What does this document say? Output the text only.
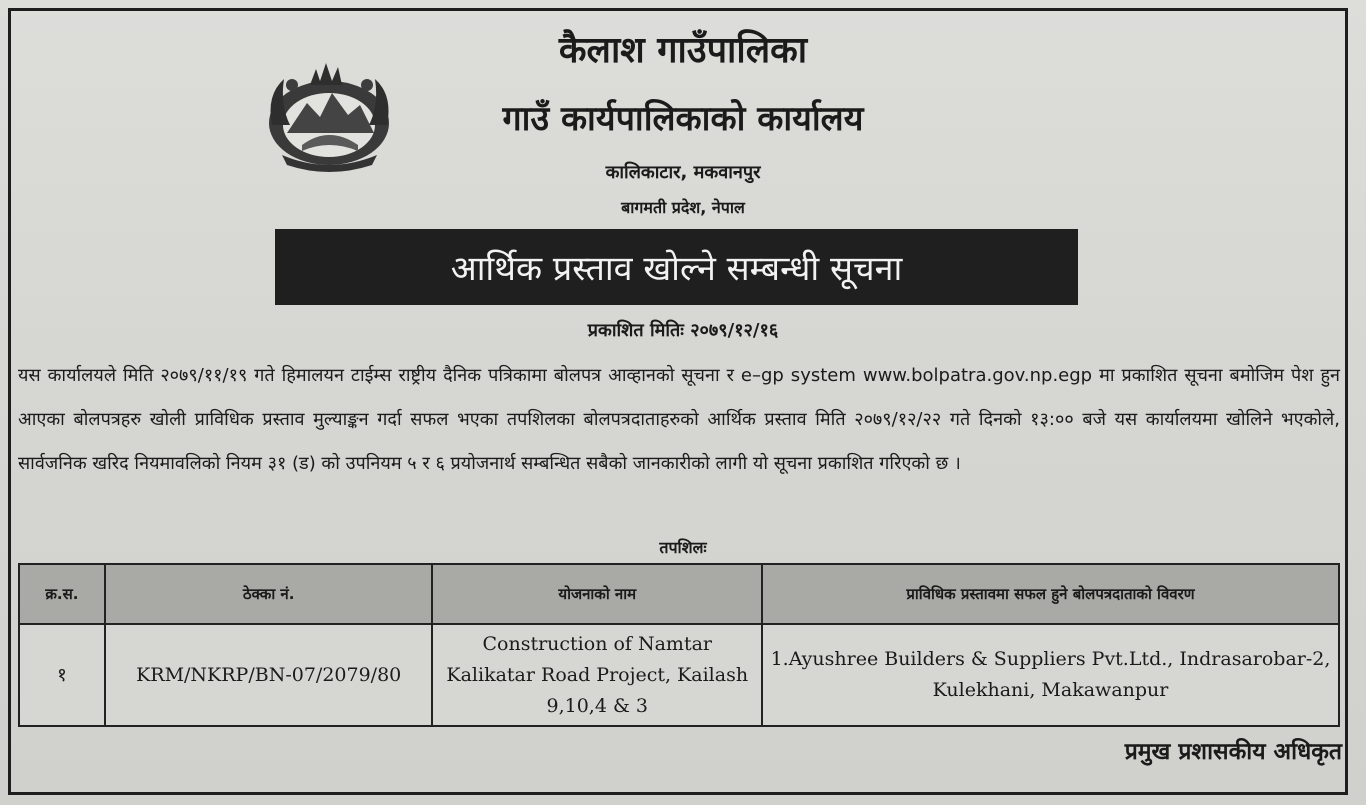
कैलाश गाउँपालिका
गाउँ कार्यपालिकाको कार्यालय
कालिकाटार, मकवानपुर
बागमती प्रदेश, नेपाल
आर्थिक प्रस्ताव खोल्ने सम्बन्धी सूचना
प्रकाशित मितिः २०७९/१२/१६
यस कार्यालयले मिति २०७९/११/१९ गते हिमालयन टाईम्स राष्ट्रीय दैनिक पत्रिकामा बोलपत्र आव्हानको सूचना र e–gp system www.bolpatra.gov.np.egp मा प्रकाशित सूचना बमोजिम पेश हुन आएका बोलपत्रहरु खोली प्राविधिक प्रस्ताव मुल्याङ्कन गर्दा सफल भएका तपशिलका बोलपत्रदाताहरुको आर्थिक प्रस्ताव मिति २०७९/१२/२२ गते दिनको १३:०० बजे यस कार्यालयमा खोलिने भएकोले, सार्वजनिक खरिद नियमावलिको नियम ३१ (ड) को उपनियम ५ र ६ प्रयोजनार्थ सम्बन्धित सबैको जानकारीको लागी यो सूचना प्रकाशित गरिएको छ ।
तपशिलः
क्र.स.	ठेक्का नं.	योजनाको नाम	प्राविधिक प्रस्तावमा सफल हुने बोलपत्रदाताको विवरण
१	KRM/NKRP/BN-07/2079/80	Construction of Namtar Kalikatar Road Project, Kailash 9,10,4 & 3	1.Ayushree Builders & Suppliers Pvt.Ltd., Indrasarobar-2, Kulekhani, Makawanpur
प्रमुख प्रशासकीय अधिकृत
